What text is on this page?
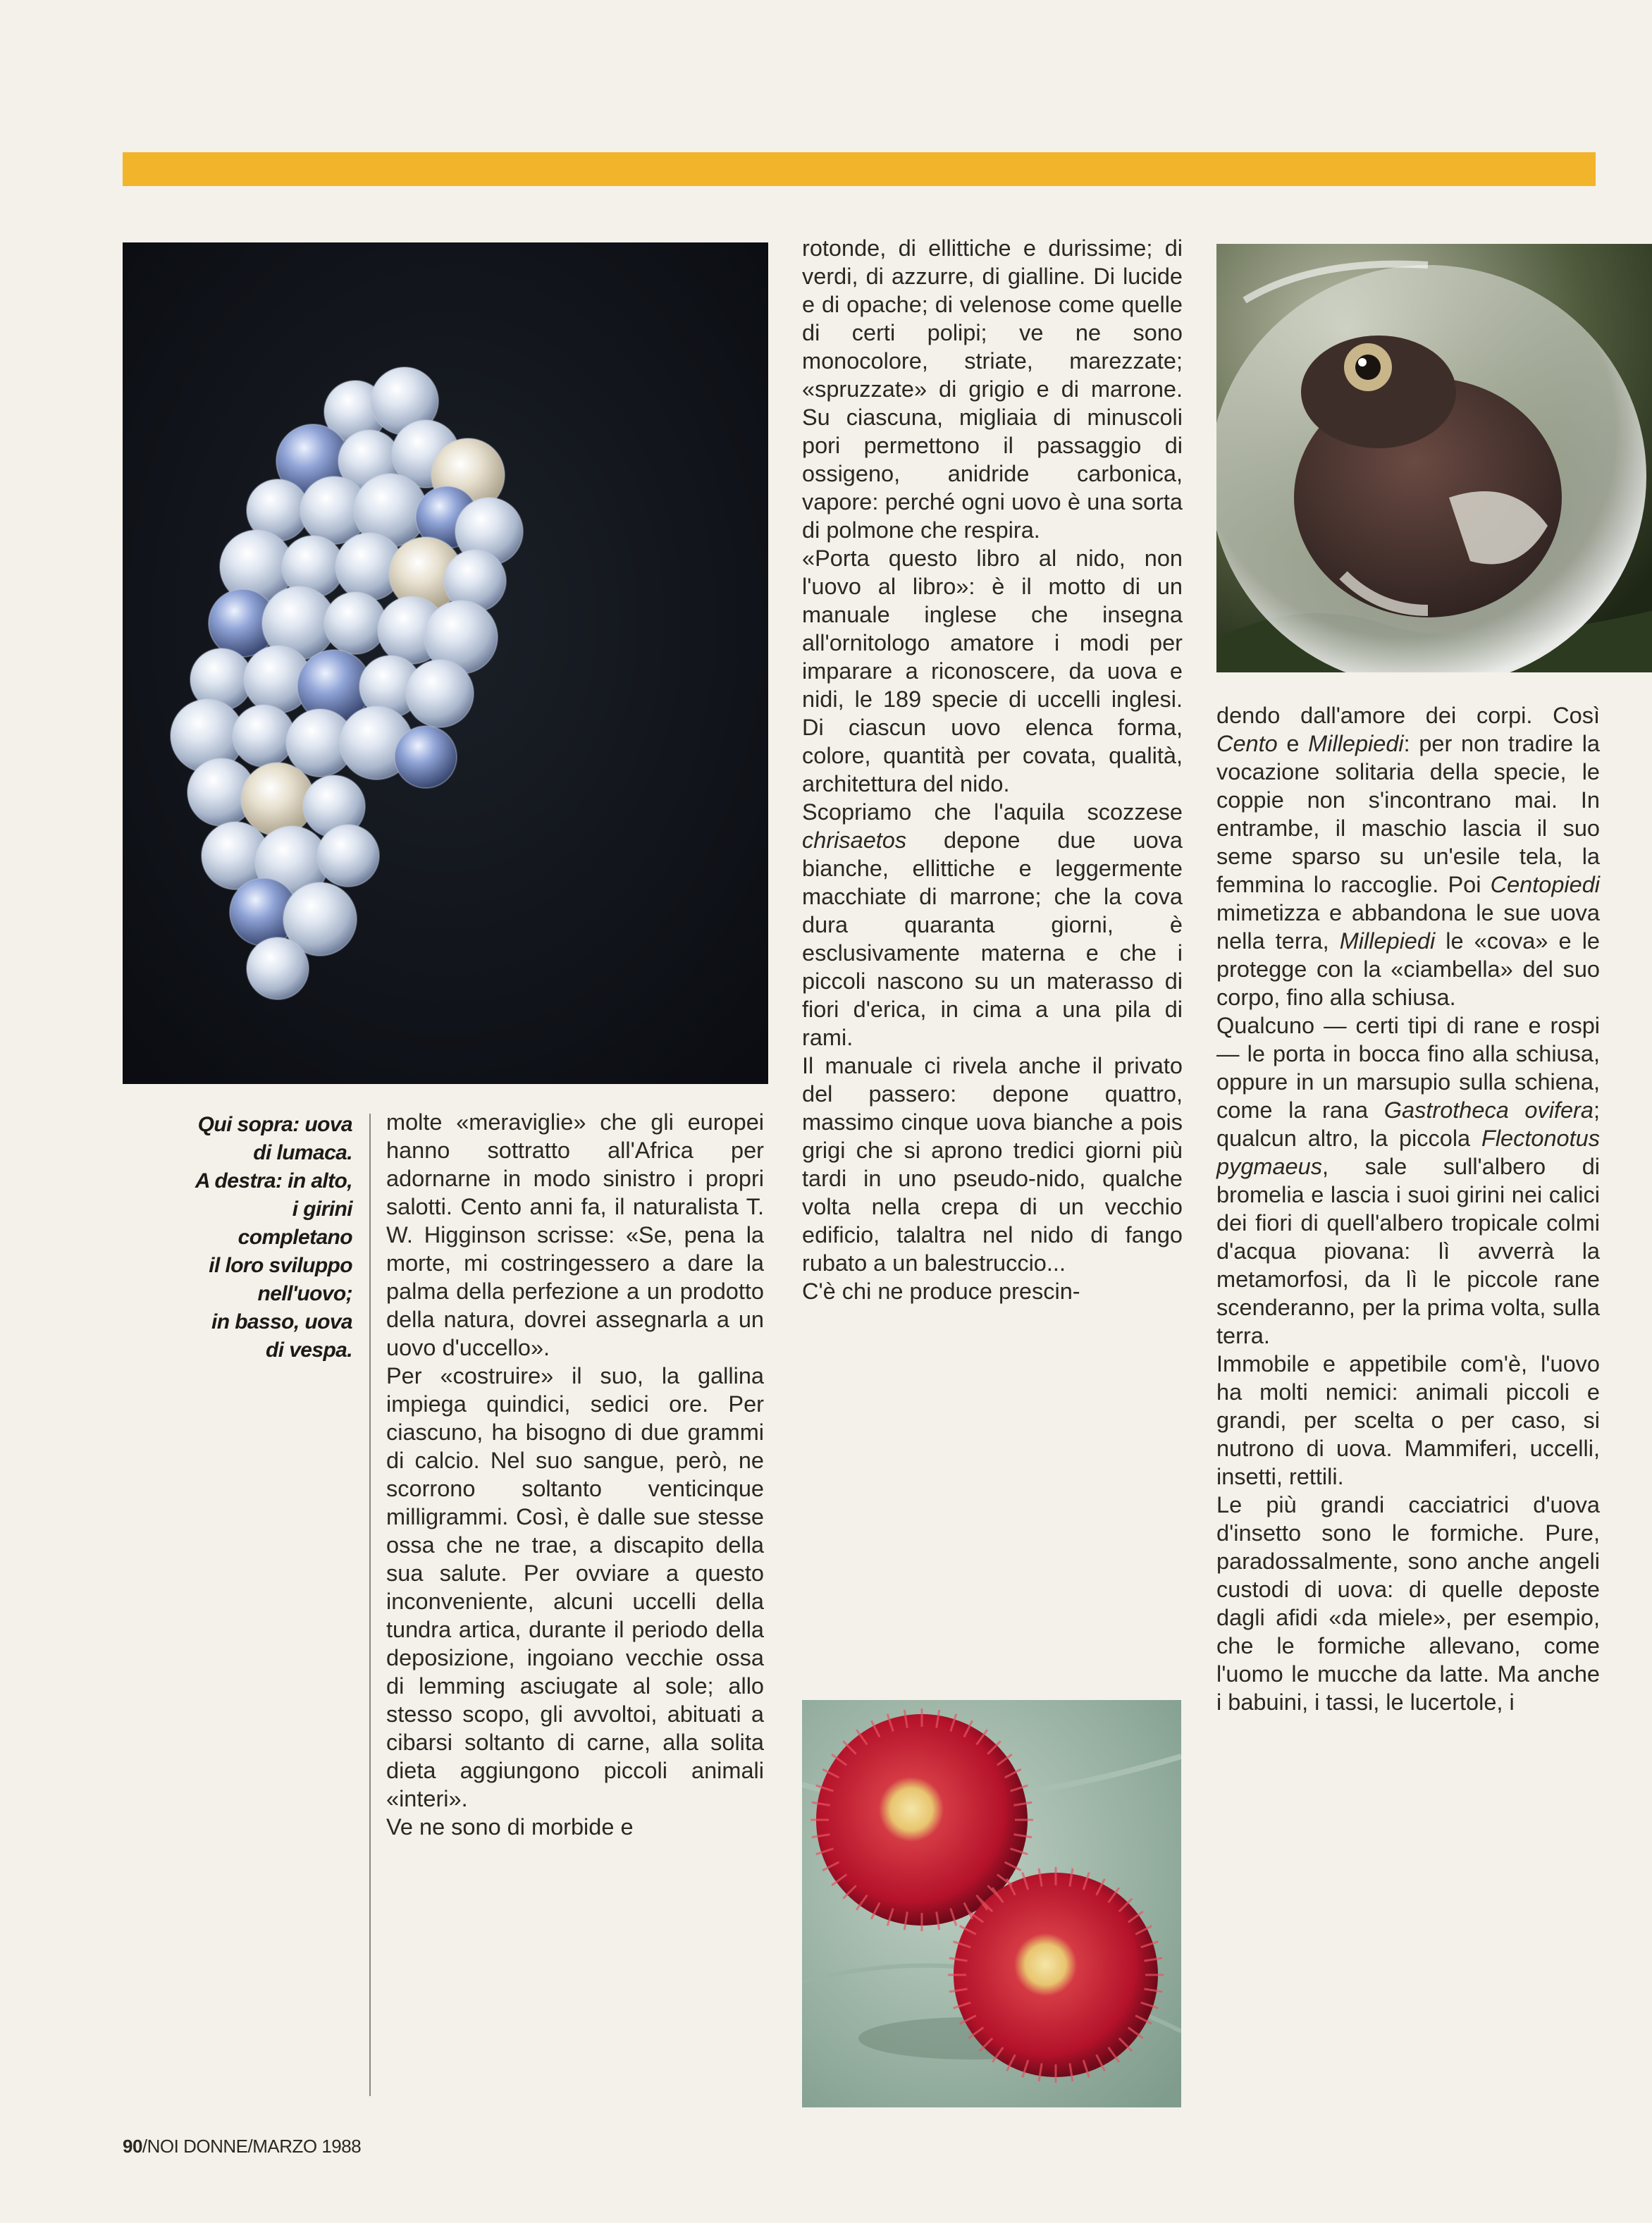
Qui sopra: uova
di lumaca.
A destra: in alto,
i girini
completano
il loro sviluppo
nell'uovo;
in basso, uova
di vespa.

molte «meraviglie» che gli europei hanno sottratto all'Africa per adornarne in modo sinistro i propri salotti. Cento anni fa, il naturalista T. W. Higginson scrisse: «Se, pena la morte, mi costringessero a dare la palma della perfezione a un prodotto della natura, dovrei assegnarla a un uovo d'uccello».

Per «costruire» il suo, la gallina impiega quindici, sedici ore. Per ciascuno, ha bisogno di due grammi di calcio. Nel suo sangue, però, ne scorrono soltanto venticinque milligrammi. Così, è dalle sue stesse ossa che ne trae, a discapito della sua salute. Per ovviare a questo inconveniente, alcuni uccelli della tundra artica, durante il periodo della deposizione, ingoiano vecchie ossa di lemming asciugate al sole; allo stesso scopo, gli avvoltoi, abituati a cibarsi soltanto di carne, alla solita dieta aggiungono piccoli animali «interi».

Ve ne sono di morbide e

rotonde, di ellittiche e durissime; di verdi, di azzurre, di gialline. Di lucide e di opache; di velenose come quelle di certi polipi; ve ne sono monocolore, striate, marezzate; «spruzzate» di grigio e di marrone. Su ciascuna, migliaia di minuscoli pori permettono il passaggio di ossigeno, anidride carbonica, vapore: perché ogni uovo è una sorta di polmone che respira.

«Porta questo libro al nido, non l'uovo al libro»: è il motto di un manuale inglese che insegna all'ornitologo amatore i modi per imparare a riconoscere, da uova e nidi, le 189 specie di uccelli inglesi. Di ciascun uovo elenca forma, colore, quantità per covata, qualità, architettura del nido.

Scopriamo che l'aquila scozzese chrisaetos depone due uova bianche, ellittiche e leggermente macchiate di marrone; che la cova dura quaranta giorni, è esclusivamente materna e che i piccoli nascono su un materasso di fiori d'erica, in cima a una pila di rami.

Il manuale ci rivela anche il privato del passero: depone quattro, massimo cinque uova bianche a pois grigi che si aprono tredici giorni più tardi in uno pseudo-nido, qualche volta nella crepa di un vecchio edificio, talaltra nel nido di fango rubato a un balestruccio...

C'è chi ne produce prescin-

dendo dall'amore dei corpi. Così Cento e Millepiedi: per non tradire la vocazione solitaria della specie, le coppie non s'incontrano mai. In entrambe, il maschio lascia il suo seme sparso su un'esile tela, la femmina lo raccoglie. Poi Centopiedi mimetizza e abbandona le sue uova nella terra, Millepiedi le «cova» e le protegge con la «ciambella» del suo corpo, fino alla schiusa.

Qualcuno — certi tipi di rane e rospi — le porta in bocca fino alla schiusa, oppure in un marsupio sulla schiena, come la rana Gastrotheca ovifera; qualcun altro, la piccola Flectonotus pygmaeus, sale sull'albero di bromelia e lascia i suoi girini nei calici dei fiori di quell'albero tropicale colmi d'acqua piovana: lì avverrà la metamorfosi, da lì le piccole rane scenderanno, per la prima volta, sulla terra.

Immobile e appetibile com'è, l'uovo ha molti nemici: animali piccoli e grandi, per scelta o per caso, si nutrono di uova. Mammiferi, uccelli, insetti, rettili.

Le più grandi cacciatrici d'uova d'insetto sono le formiche. Pure, paradossalmente, sono anche angeli custodi di uova: di quelle deposte dagli afidi «da miele», per esempio, che le formiche allevano, come l'uomo le mucche da latte. Ma anche i babuini, i tassi, le lucertole, i

90/NOI DONNE/MARZO 1988
